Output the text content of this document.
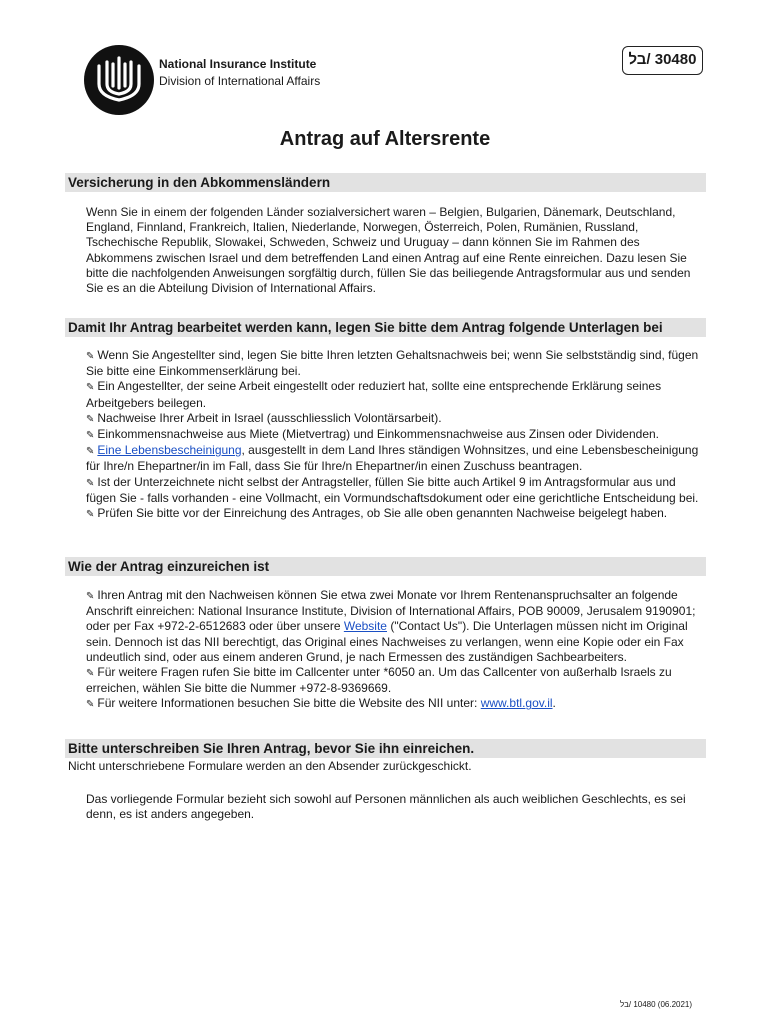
National Insurance Institute
Division of International Affairs
30480 /בל
Antrag auf Altersrente
Versicherung in den Abkommensländern
Wenn Sie in einem der folgenden Länder sozialversichert waren – Belgien, Bulgarien, Dänemark, Deutschland, England, Finnland, Frankreich, Italien, Niederlande, Norwegen, Österreich, Polen, Rumänien, Russland, Tschechische Republik, Slowakei, Schweden, Schweiz und Uruguay – dann können Sie im Rahmen des Abkommens zwischen Israel und dem betreffenden Land einen Antrag auf eine Rente einreichen. Dazu lesen Sie bitte die nachfolgenden Anweisungen sorgfältig durch, füllen Sie das beiliegende Antragsformular aus und senden Sie es an die Abteilung Division of International Affairs.
Damit Ihr Antrag bearbeitet werden kann, legen Sie bitte dem Antrag folgende Unterlagen bei

✎ Wenn Sie Angestellter sind, legen Sie bitte Ihren letzten Gehaltsnachweis bei; wenn Sie selbstständig sind, fügen Sie bitte eine Einkommenserklärung bei.

✎ Ein Angestellter, der seine Arbeit eingestellt oder reduziert hat, sollte eine entsprechende Erklärung seines Arbeitgebers beilegen.

✎ Nachweise Ihrer Arbeit in Israel (ausschliesslich Volontärsarbeit).

✎ Einkommensnachweise aus Miete (Mietvertrag) und Einkommensnachweise aus Zinsen oder Dividenden.

✎ Eine Lebensbescheinigung, ausgestellt in dem Land Ihres ständigen Wohnsitzes, und eine Lebensbescheinigung für Ihre/n Ehepartner/in im Fall, dass Sie für Ihre/n Ehepartner/in einen Zuschuss beantragen.

✎ Ist der Unterzeichnete nicht selbst der Antragsteller, füllen Sie bitte auch Artikel 9 im Antragsformular aus und fügen Sie - falls vorhanden - eine Vollmacht, ein Vormundschaftsdokument oder eine gerichtliche Entscheidung bei.

✎ Prüfen Sie bitte vor der Einreichung des Antrages, ob Sie alle oben genannten Nachweise beigelegt haben.

Wie der Antrag einzureichen ist

✎ Ihren Antrag mit den Nachweisen können Sie etwa zwei Monate vor Ihrem Rentenanspruchsalter an folgende Anschrift einreichen: National Insurance Institute, Division of International Affairs, POB 90009, Jerusalem 9190901; oder per Fax +972-2-6512683 oder über unsere Website ("Contact Us"). Die Unterlagen müssen nicht im Original sein. Dennoch ist das NII berechtigt, das Original eines Nachweises zu verlangen, wenn eine Kopie oder ein Fax undeutlich sind, oder aus einem anderen Grund, je nach Ermessen des zuständigen Sachbearbeiters.

✎ Für weitere Fragen rufen Sie bitte im Callcenter unter *6050 an. Um das Callcenter von außerhalb Israels zu erreichen, wählen Sie bitte die Nummer +972-8-9369669.

✎ Für weitere Informationen besuchen Sie bitte die Website des NII unter: www.btl.gov.il.

Bitte unterschreiben Sie Ihren Antrag, bevor Sie ihn einreichen.
Nicht unterschriebene Formulare werden an den Absender zurückgeschickt.
Das vorliegende Formular bezieht sich sowohl auf Personen männlichen als auch weiblichen Geschlechts, es sei denn, es ist anders angegeben.
(06.2021) 10480 /בל
